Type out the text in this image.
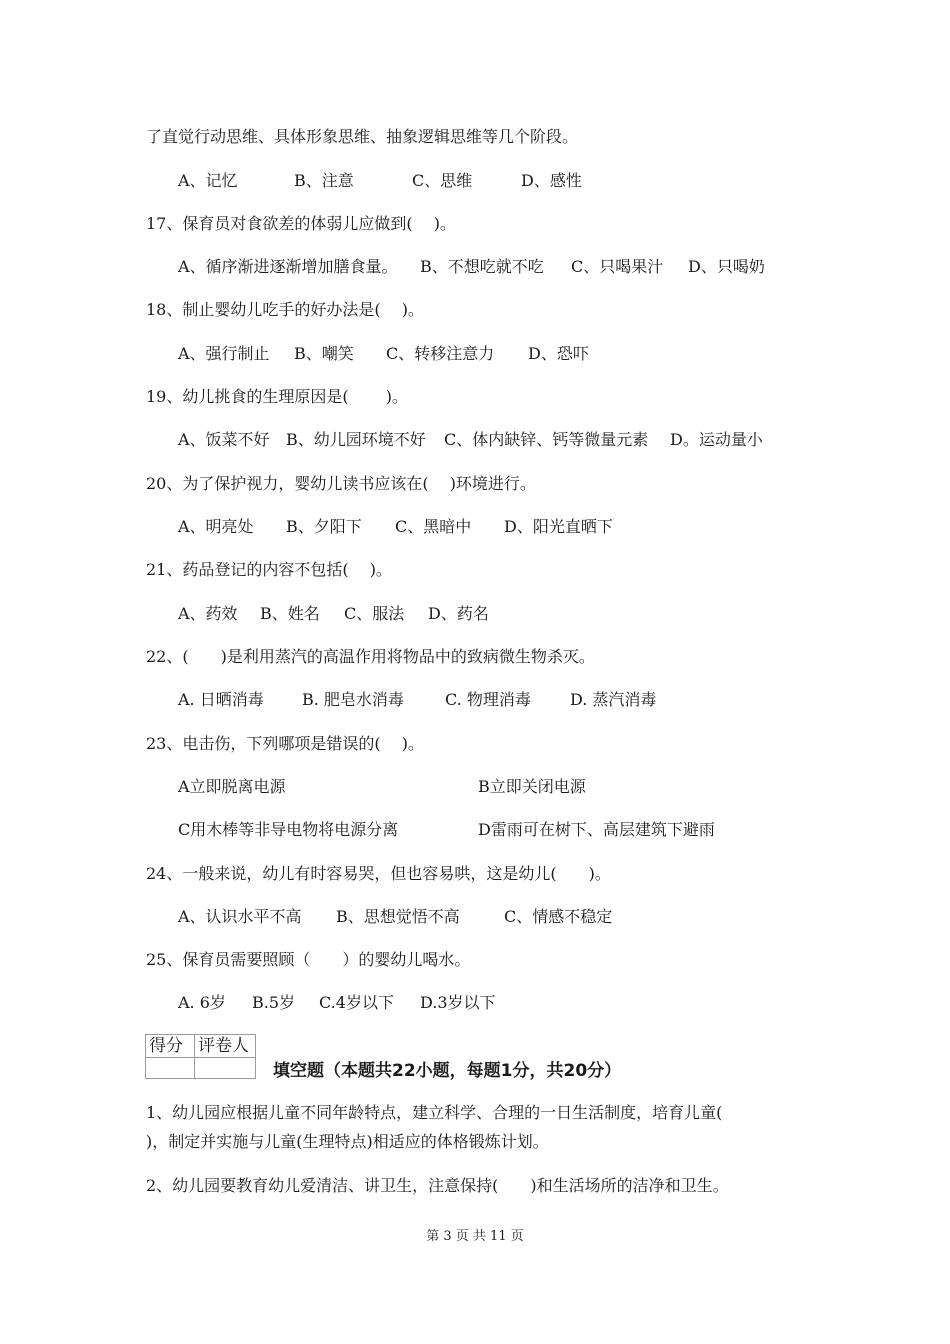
了直觉行动思维、具体形象思维、抽象逻辑思维等几个阶段。
A、记忆	B、注意	C、思维	D、感性
17、保育员对食欲差的体弱儿应做到(　 )。
A、循序渐进逐渐增加膳食量。 B、不想吃就不吃 C、只喝果汁 D、只喝奶
18、制止婴幼儿吃手的好办法是(　 )。
A、强行制止 B、嘲笑 C、转移注意力 D、恐吓
19、幼儿挑食的生理原因是(　　 )。
A、饭菜不好 B、幼儿园环境不好 C、体内缺锌、钙等微量元素 D。运动量小
20、为了保护视力，婴幼儿读书应该在(　 )环境进行。
A、明亮处 B、夕阳下 C、黑暗中 D、阳光直晒下
21、药品登记的内容不包括(　 )。
A、药效 B、姓名 C、服法 D、药名
22、(　　)是利用蒸汽的高温作用将物品中的致病微生物杀灭。
A. 日晒消毒 B. 肥皂水消毒	C. 物理消毒 D. 蒸汽消毒
23、电击伤，下列哪项是错误的(　 )。
A立即脱离电源	B立即关闭电源
C用木棒等非导电物将电源分离	D雷雨可在树下、高层建筑下避雨
24、一般来说，幼儿有时容易哭，但也容易哄，这是幼儿(　　)。
A、认识水平不高 B、思想觉悟不高	C、情感不稳定
25、保育员需要照顾（　　）的婴幼儿喝水。
A. 6岁 B.5岁 C.4岁以下 D.3岁以下
得分	评卷人

填空题（本题共22小题，每题1分，共20分）
1、幼儿园应根据儿童不同年龄特点，建立科学、合理的一日生活制度，培育儿童(
)，制定并实施与儿童(生理特点)相适应的体格锻炼计划。
2、幼儿园要教育幼儿爱清洁、讲卫生，注意保持(　　)和生活场所的洁净和卫生。
第 3 页 共 11 页
